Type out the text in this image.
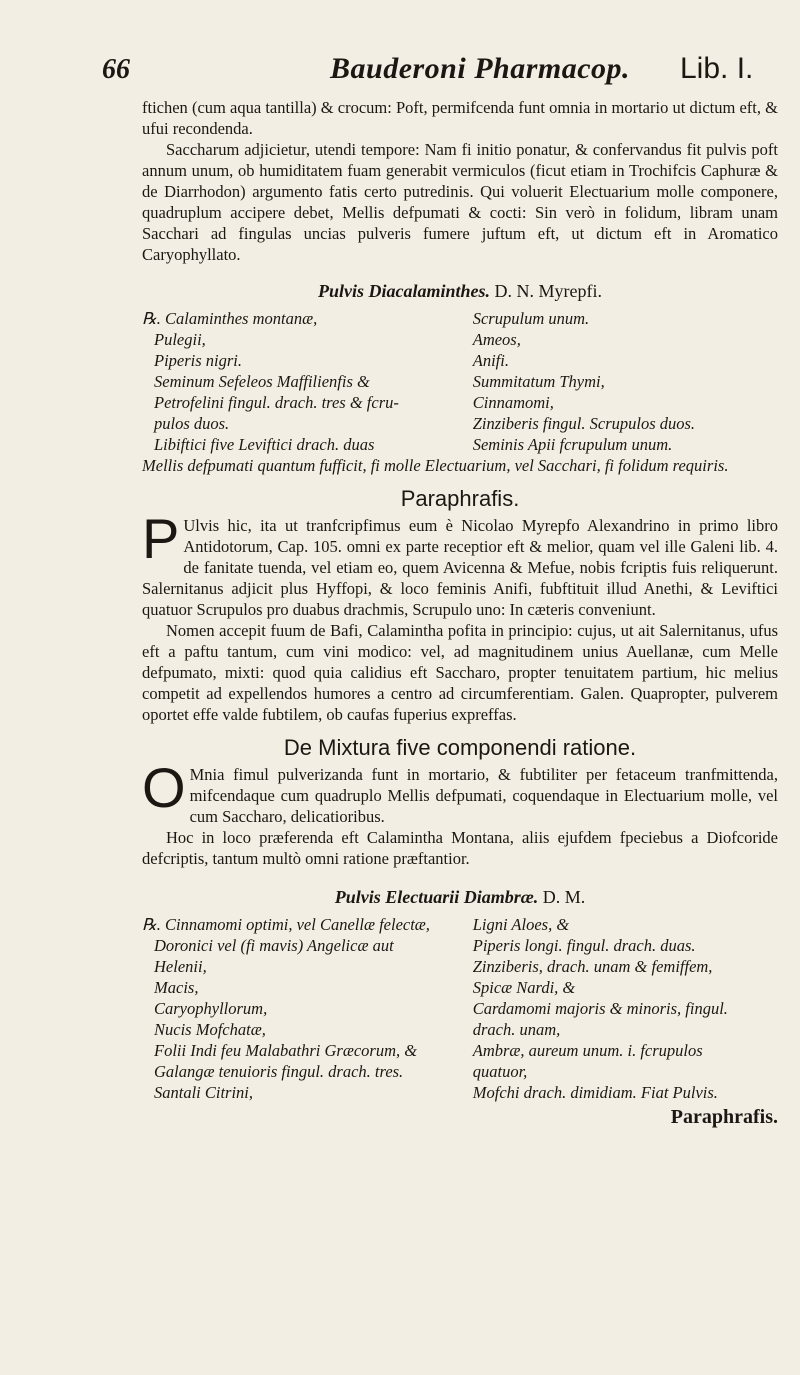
66	Bauderoni Pharmacop. Lib. I.

ftichen (cum aqua tantilla) & crocum: Poft, permifcenda funt omnia in mortario ut dictum eft, & ufui recondenda.

Saccharum adjicietur, utendi tempore: Nam fi initio ponatur, & confervandus fit pulvis poft annum unum, ob humiditatem fuam generabit vermiculos (ficut etiam in Trochifcis Caphuræ & de Diarrhodon) argumento fatis certo putredinis. Qui voluerit Electuarium molle componere, quadruplum accipere debet, Mellis defpumati & cocti: Sin verò in folidum, libram unam Sacchari ad fingulas uncias pulveris fumere juftum eft, ut dictum eft in Aromatico Caryophyllato.

Pulvis Diacalaminthes. D. N. Myrepfi.
℞. Calaminthes montanæ,
Pulegii,
Piperis nigri.
Seminum Sefeleos Maffilienfis &
Petrofelini fingul. drach. tres & fcru-
pulos duos.
Libiftici five Leviftici drach. duas
Scrupulum unum.
Ameos,
Anifi.
Summitatum Thymi,
Cinnamomi,
Zinziberis fingul. Scrupulos duos.
Seminis Apii fcrupulum unum.

Mellis defpumati quantum fufficit, fi molle Electuarium, vel Sacchari, fi folidum requiris.

Paraphrafis.

P Ulvis hic, ita ut tranfcripfimus eum è Nicolao Myrepfo Alexandrino in primo libro Antidotorum, Cap. 105. omni ex parte receptior eft & melior, quam vel ille Galeni lib. 4. de fanitate tuenda, vel etiam eo, quem Avicenna & Mefue, nobis fcriptis fuis reliquerunt. Salernitanus adjicit plus Hyffopi, & loco feminis Anifi, fubftituit illud Anethi, & Leviftici quatuor Scrupulos pro duabus drachmis, Scrupulo uno: In cæteris conveniunt.

Nomen accepit fuum de Bafi, Calamintha pofita in principio: cujus, ut ait Salernitanus, ufus eft a paftu tantum, cum vini modico: vel, ad magnitudinem unius Auellanæ, cum Melle defpumato, mixti: quod quia calidius eft Saccharo, propter tenuitatem partium, hic melius competit ad expellendos humores a centro ad circumferentiam. Galen. Quapropter, pulverem oportet effe valde fubtilem, ob caufas fuperius expreffas.

De Mixtura five componendi ratione.

O Mnia fimul pulverizanda funt in mortario, & fubtiliter per fetaceum tranfmittenda, mifcendaque cum quadruplo Mellis defpumati, coquendaque in Electuarium molle, vel cum Saccharo, delicatioribus.

Hoc in loco præferenda eft Calamintha Montana, aliis ejufdem fpeciebus a Diofcoride defcriptis, tantum multò omni ratione præftantior.

Pulvis Electuarii Diambræ. D. M.
℞. Cinnamomi optimi, vel Canellæ felectæ,
Doronici vel (fi mavis) Angelicæ aut
Helenii,
Macis,
Caryophyllorum,
Nucis Mofchatæ,
Folii Indi feu Malabathri Græcorum, &
Galangæ tenuioris fingul. drach. tres.
Santali Citrini,
Ligni Aloes, &
Piperis longi. fingul. drach. duas.
Zinziberis, drach. unam & femiffem,
Spicæ Nardi, &
Cardamomi majoris & minoris, fingul.
drach. unam,
Ambræ, aureum unum. i. fcrupulos
quatuor,
Mofchi drach. dimidiam. Fiat Pulvis.
Paraphrafis.
